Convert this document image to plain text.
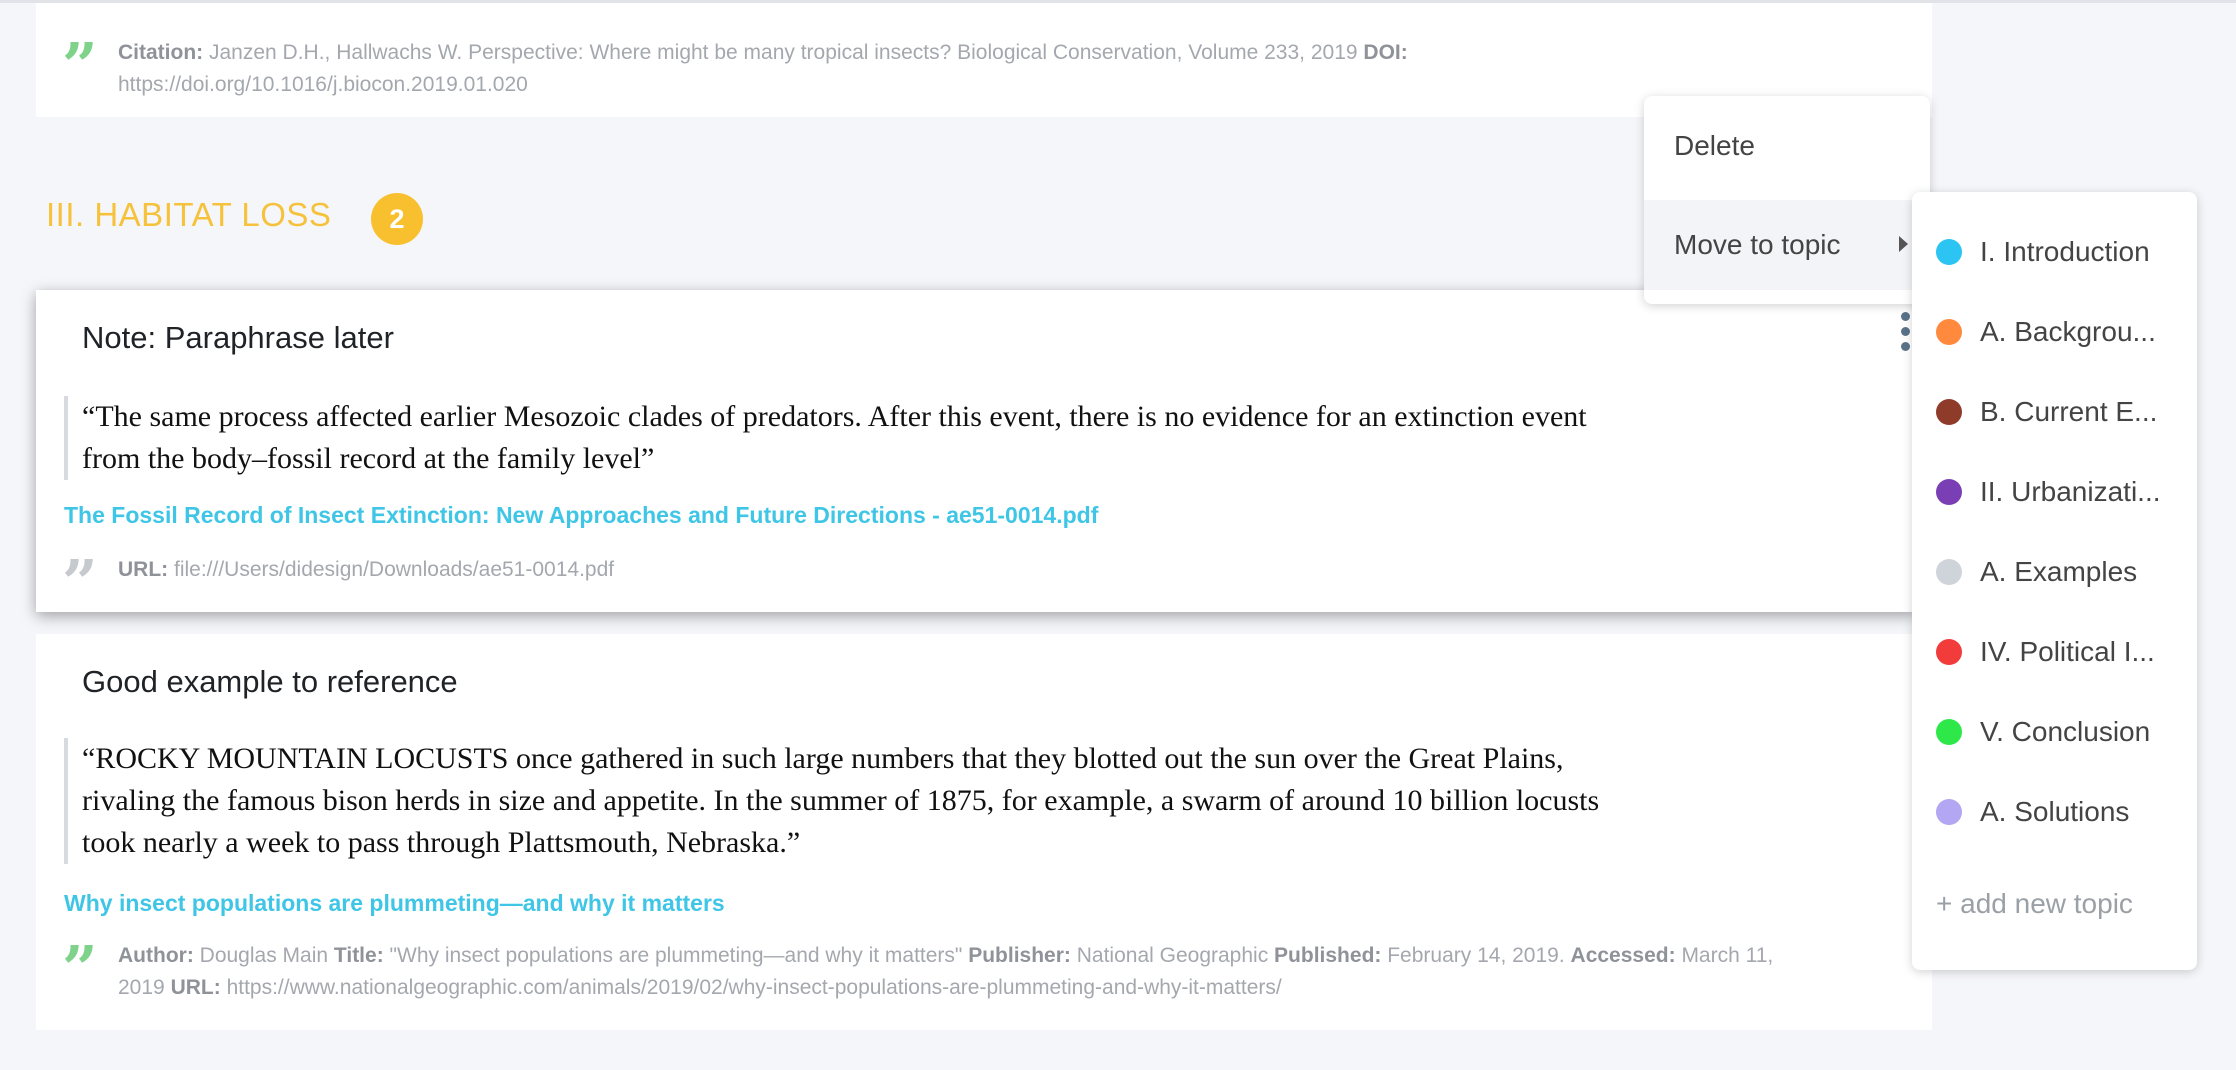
” Citation: Janzen D.H., Hallwachs W. Perspective: Where might be many tropical insects? Biological Conservation, Volume 233, 2019 DOI:
https://doi.org/10.1016/j.biocon.2019.01.020
III. HABITAT LOSS	2
Note: Paraphrase later
“The same process affected earlier Mesozoic clades of predators. After this event, there is no evidence for an extinction event
from the body–fossil record at the family level”
The Fossil Record of Insect Extinction: New Approaches and Future Directions - ae51-0014.pdf
” URL: file:///Users/didesign/Downloads/ae51-0014.pdf
Good example to reference
“ROCKY MOUNTAIN LOCUSTS once gathered in such large numbers that they blotted out the sun over the Great Plains,
rivaling the famous bison herds in size and appetite. In the summer of 1875, for example, a swarm of around 10 billion locusts
took nearly a week to pass through Plattsmouth, Nebraska.”
Why insect populations are plummeting—and why it matters
” Author: Douglas Main Title: "Why insect populations are plummeting—and why it matters" Publisher: National Geographic Published: February 14, 2019. Accessed: March 11,
2019 URL: https://www.nationalgeographic.com/animals/2019/02/why-insect-populations-are-plummeting-and-why-it-matters/
Delete
Move to topic	I. Introduction
A. Backgrou...
B. Current E...
II. Urbanizati...
A. Examples
IV. Political I...
V. Conclusion
A. Solutions
+ add new topic
